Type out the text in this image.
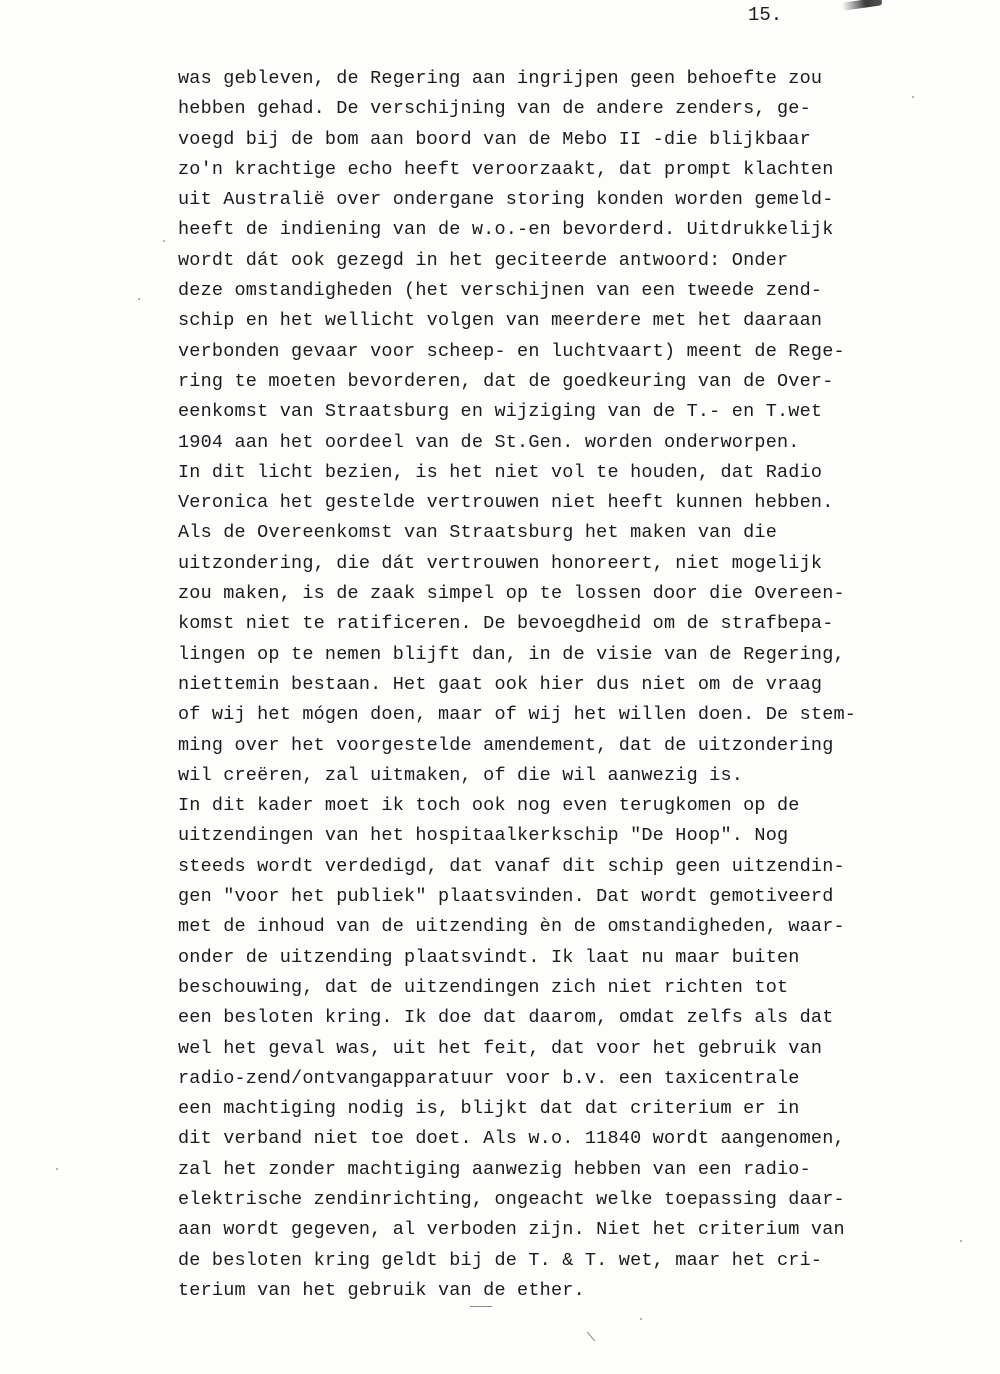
15.
was gebleven, de Regering aan ingrijpen geen behoefte zou
hebben gehad. De verschijning van de andere zenders, ge-
voegd bij de bom aan boord van de Mebo II -die blijkbaar
zo'n krachtige echo heeft veroorzaakt, dat prompt klachten
uit Australië over ondergane storing konden worden gemeld-
heeft de indiening van de w.o.-en bevorderd. Uitdrukkelijk
wordt dát ook gezegd in het geciteerde antwoord: Onder
deze omstandigheden (het verschijnen van een tweede zend-
schip en het wellicht volgen van meerdere met het daaraan
verbonden gevaar voor scheep- en luchtvaart) meent de Rege-
ring te moeten bevorderen, dat de goedkeuring van de Over-
eenkomst van Straatsburg en wijziging van de T.- en T.wet
1904 aan het oordeel van de St.Gen. worden onderworpen.
In dit licht bezien, is het niet vol te houden, dat Radio
Veronica het gestelde vertrouwen niet heeft kunnen hebben.
Als de Overeenkomst van Straatsburg het maken van die
uitzondering, die dát vertrouwen honoreert, niet mogelijk
zou maken, is de zaak simpel op te lossen door die Overeen-
komst niet te ratificeren. De bevoegdheid om de strafbepa-
lingen op te nemen blijft dan, in de visie van de Regering,
niettemin bestaan. Het gaat ook hier dus niet om de vraag
of wij het mógen doen, maar of wij het willen doen. De stem-
ming over het voorgestelde amendement, dat de uitzondering
wil creëren, zal uitmaken, of die wil aanwezig is.
In dit kader moet ik toch ook nog even terugkomen op de
uitzendingen van het hospitaalkerkschip "De Hoop". Nog
steeds wordt verdedigd, dat vanaf dit schip geen uitzendin-
gen "voor het publiek" plaatsvinden. Dat wordt gemotiveerd
met de inhoud van de uitzending èn de omstandigheden, waar-
onder de uitzending plaatsvindt. Ik laat nu maar buiten
beschouwing, dat de uitzendingen zich niet richten tot
een besloten kring. Ik doe dat daarom, omdat zelfs als dat
wel het geval was, uit het feit, dat voor het gebruik van
radio-zend/ontvangapparatuur voor b.v. een taxicentrale
een machtiging nodig is, blijkt dat dat criterium er in
dit verband niet toe doet. Als w.o. 11840 wordt aangenomen,
zal het zonder machtiging aanwezig hebben van een radio-
elektrische zendinrichting, ongeacht welke toepassing daar-
aan wordt gegeven, al verboden zijn. Niet het criterium van
de besloten kring geldt bij de T. & T. wet, maar het cri-
terium van het gebruik van de ether.
